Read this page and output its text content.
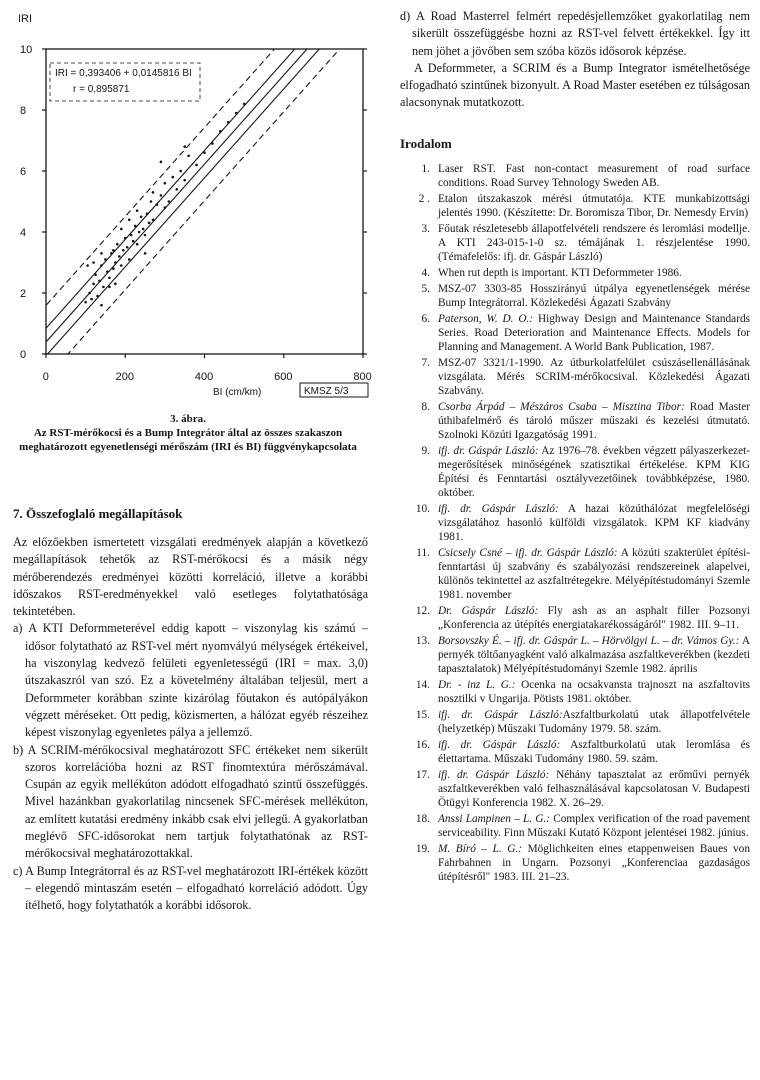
IRI
BI (cm/km)	KMSZ 5/3
IRI = 0,393406 + 0,0145816 BI
r = 0,895871
0
2
4
6
8
10
0	200	400	600	800
3. ábra.
Az RST-mérőkocsi és a Bump Integrátor által az összes szakaszon meghatározott egyenetlenségi mérőszám (IRI és BI) függvénykapcsolata
7. Összefoglaló megállapítások

Az előzőekben ismertetett vizsgálati eredmények alapján a következő megállapítások tehetők az RST-mérőkocsi és a másik négy mérőberendezés eredményei közötti korreláció, illetve a korábbi időszakos RST-eredményekkel való esetleges folytathatósága tekintetében.

a) A KTI Deformmeterével eddig kapott – viszonylag kis számú – idősor folytatható az RST-vel mért nyomvályú mélységek értékeivel, ha viszonylag kedvező felületi egyenletességű (IRI = max. 3,0) útszakaszról van szó. Ez a követelmény általában teljesül, mert a Deformmeter korábban szinte kizárólag főutakon és autópályákon végzett méréseket. Ott pedig, közismerten, a hálózat egyéb részeihez képest viszonylag egyenletes pálya a jellemző.

b) A SCRIM-mérőkocsival meghatározott SFC értékeket nem sikerült szoros korrelációba hozni az RST finomtextúra mérőszámával. Csupán az egyik mellékúton adódott elfogadható szintű összefüggés. Mivel hazánkban gyakorlatilag nincsenek SFC-mérések mellékúton, az említett kutatási eredmény inkább csak elvi jellegű. A gyakorlatban meglévő SFC-idősorokat nem tartjuk folytathatónak az RST-mérőkocsival meghatározottakkal.

c) A Bump Integrátorral és az RST-vel meghatározott IRI-értékek között – elegendő mintaszám esetén – elfogadható korreláció adódott. Úgy ítélhető, hogy folytathatók a korábbi idősorok.

d) A Road Masterrel felmért repedésjellemzőket gyakorlatilag nem sikerült összefüggésbe hozni az RST-vel felvett értékekkel. Így itt nem jöhet a jövőben sem szóba közös idősorok képzése.

A Deformmeter, a SCRIM és a Bump Integrator ismételhetősége elfogadható szintűnek bizonyult. A Road Master esetében ez túlságosan alacsonynak mutatkozott.

Irodalom
1. Laser RST. Fast non-contact measurement of road surface conditions. Road Survey Tehnology Sweden AB.
2 . Etalon útszakaszok mérési útmutatója. KTE munkabizottsági jelentés 1990. (Készítette: Dr. Boromisza Tibor, Dr. Nemesdy Ervin)
3. Főutak részletesebb állapotfelvételi rendszere és leromlási modellje. A KTI 243-015-1-0 sz. témájának 1. részjelentése 1990. (Témafelelős: ifj. dr. Gáspár László)
4. When rut depth is important. KTI Deformmeter 1986.
5. MSZ-07 3303-85 Hosszirányú útpálya egyenetlenségek mérése Bump Integrátorral. Közlekedési Ágazati Szabvány
6. Paterson, W. D. O.: Highway Design and Maintenance Standards Series. Road Deterioration and Maintenance Effects. Models for Planning and Management. A World Bank Publication, 1987.
7. MSZ-07 3321/1-1990. Az útburkolatfelület csúszásellenállásának vizsgálata. Mérés SCRIM-mérőkocsival. Közlekedési Ágazati Szabvány.
8. Csorba Árpád – Mészáros Csaba – Misztina Tibor: Road Master úthibafelmérő és tároló műszer műszaki és kezelési útmutató. Szolnoki Közúti Igazgatóság 1991.
9. ifj. dr. Gáspár László: Az 1976–78. években végzett pályaszerkezet-megerősítések minőségének szatisztikai értékelése. KPM KIG Építési és Fenntartási osztályvezetőinek továbbképzése, 1980. október.
10. ifj. dr. Gáspár László: A hazai közúthálózat megfelelőségi vizsgálatához hasonló külföldi vizsgálatok. KPM KF kiadvány 1981.
11. Csicsely Csné – ifj. dr. Gáspár László: A közúti szakterület építési-fenntartási új szabvány és szabályozási rendszereinek alapelvei, különös tekintettel az aszfaltrétegekre. Mélyépítéstudományi Szemle 1981. november
12. Dr. Gáspár László: Fly ash as an asphalt filler Pozsonyi „Konferencia az útépítés energiatakarékosságáról" 1982. III. 9–11.
13. Borsovszky É. – ifj. dr. Gáspár L. – Hörvölgyi L. – dr. Vámos Gy.: A pernyék töltőanyagként való alkalmazása aszfaltkeverékben (kezdeti tapasztalatok) Mélyépítéstudományi Szemle 1982. április
14. Dr. - inz L. G.: Ocenka na ocsakvansta trajnoszt na aszfaltovits nosztilki v Ungarija. Pötists 1981. október.
15. ifj. dr. Gáspár László:Aszfaltburkolatú utak állapotfelvétele (helyzetkép) Műszaki Tudomány 1979. 58. szám.
16. ifj. dr. Gáspár László: Aszfaltburkolatú utak leromlása és élettartama. Műszaki Tudomány 1980. 59. szám.
17. ifj. dr. Gáspár László: Néhány tapasztalat az erőművi pernyék aszfaltkeverékben való felhasználásával kapcsolatosan V. Budapesti Ötügyi Konferencia 1982. X. 26–29.
18. Anssi Lampinen – L. G.: Complex verification of the road pavement serviceability. Finn Műszaki Kutató Központ jelentései 1982. június.
19. M. Bíró – L. G.: Möglichkeiten eines etappenweisen Baues von Fahrbahnen in Ungarn. Pozsonyi „Konferenciaa gazdaságos útépítésről" 1983. III. 21–23.
